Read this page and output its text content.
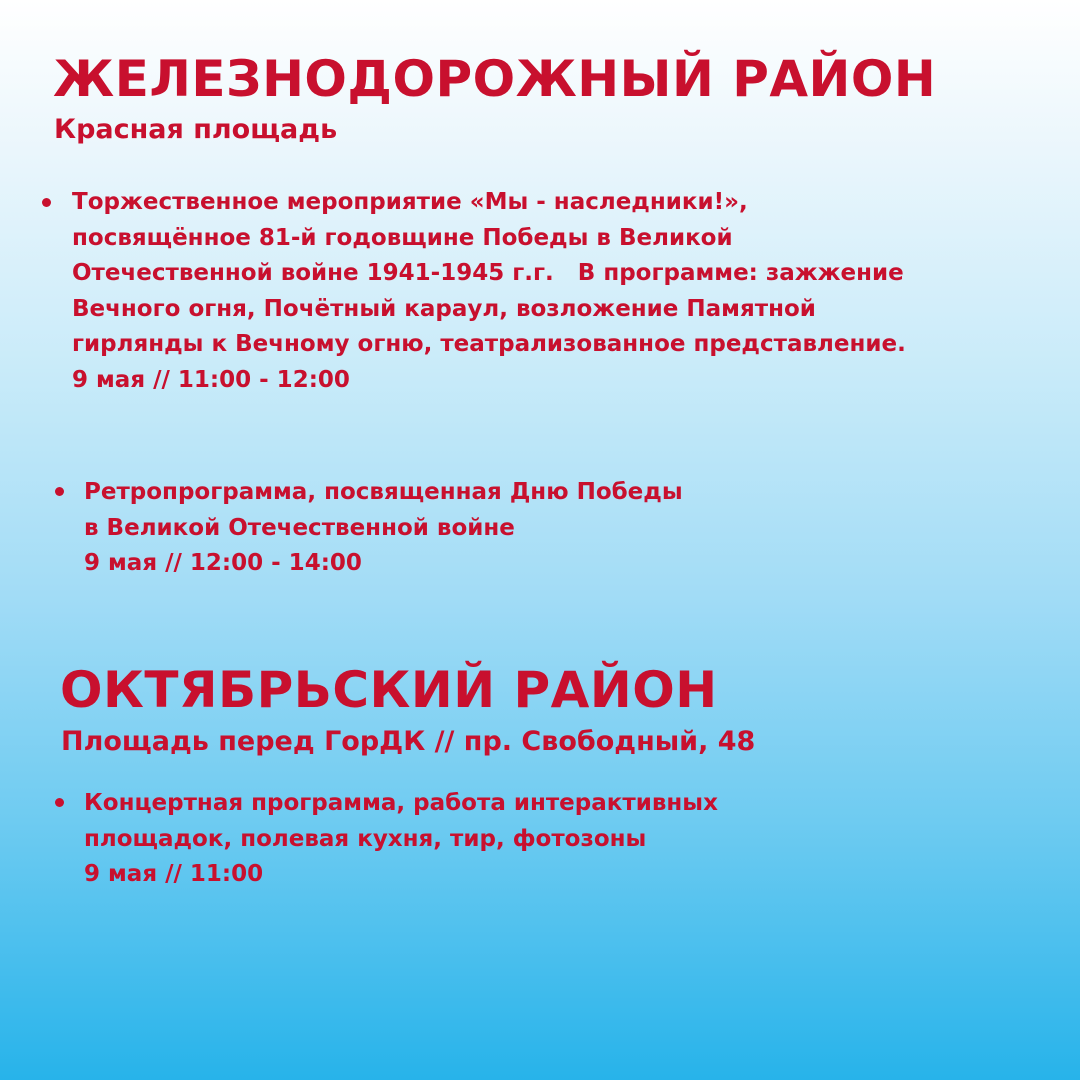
ЖЕЛЕЗНОДОРОЖНЫЙ РАЙОН
Красная площадь
Торжественное мероприятие «Мы - наследники!»,
посвящённое 81-й годовщине Победы в Великой
Отечественной войне 1941-1945 г.г.   В программе: зажжение
Вечного огня, Почётный караул, возложение Памятной
гирлянды к Вечному огню, театрализованное представление.
9 мая // 11:00 - 12:00
Ретропрограмма, посвященная Дню Победы
в Великой Отечественной войне
9 мая // 12:00 - 14:00
ОКТЯБРЬСКИЙ РАЙОН
Площадь перед ГорДК // пр. Свободный, 48
Концертная программа, работа интерактивных
площадок, полевая кухня, тир, фотозоны
9 мая // 11:00
